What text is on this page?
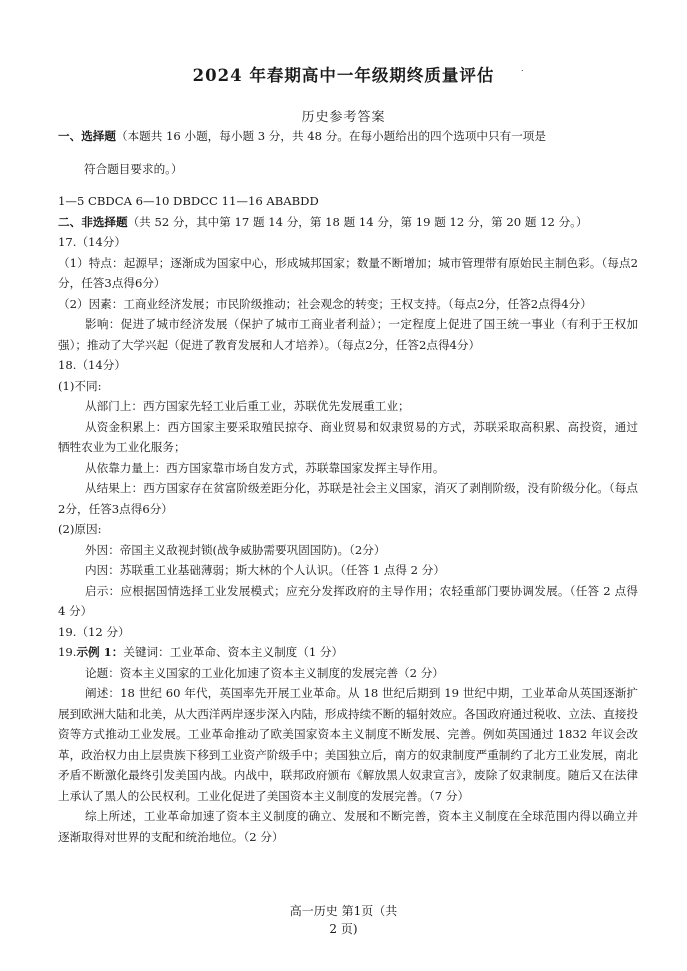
2024 年春期高中一年级期终质量评估	.
历史参考答案

一、选择题（本题共 16 小题，每小题 3 分，共 48 分。在每小题给出的四个选项中只有一项是

符合题目要求的。）

1—5 CBDCA 6—10 DBDCC 11—16 ABABDD

二、非选择题（共 52 分，其中第 17 题 14 分，第 18 题 14 分，第 19 题 12 分，第 20 题 12 分。）

17.（14分）

（1）特点：起源早；逐渐成为国家中心，形成城邦国家；数量不断增加；城市管理带有原始民主制色彩。（每点2分，任答3点得6分）

（2）因素：工商业经济发展；市民阶级推动；社会观念的转变；王权支持。（每点2分，任答2点得4分）

影响：促进了城市经济发展（保护了城市工商业者利益）；一定程度上促进了国王统一事业（有利于王权加强）；推动了大学兴起（促进了教育发展和人才培养）。（每点2分，任答2点得4分）

18.（14分）

(1)不同:

从部门上：西方国家先轻工业后重工业，苏联优先发展重工业；

从资金积累上：西方国家主要采取殖民掠夺、商业贸易和奴隶贸易的方式，苏联采取高积累、高投资，通过牺牲农业为工业化服务；

从依靠力量上：西方国家靠市场自发方式，苏联靠国家发挥主导作用。

从结果上：西方国家存在贫富阶级差距分化，苏联是社会主义国家，消灭了剥削阶级，没有阶级分化。（每点2分，任答3点得6分）

(2)原因:

外因：帝国主义敌视封锁(战争威胁需要巩固国防)。（2分）

内因：苏联重工业基础薄弱；斯大林的个人认识。（任答 1 点得 2 分）

启示：应根据国情选择工业发展模式；应充分发挥政府的主导作用；农轻重部门要协调发展。（任答 2 点得 4 分）

19.（12 分）

19.示例 1：关键词：工业革命、资本主义制度（1 分）

论题：资本主义国家的工业化加速了资本主义制度的发展完善（2 分）

阐述：18 世纪 60 年代，英国率先开展工业革命。从 18 世纪后期到 19 世纪中期，工业革命从英国逐渐扩展到欧洲大陆和北美，从大西洋两岸逐步深入内陆，形成持续不断的辐射效应。各国政府通过税收、立法、直接投资等方式推动工业发展。工业革命推动了欧美国家资本主义制度不断发展、完善。例如英国通过 1832 年议会改革，政治权力由上层贵族下移到工业资产阶级手中；美国独立后，南方的奴隶制度严重制约了北方工业发展，南北矛盾不断激化最终引发美国内战。内战中，联邦政府颁布《解放黑人奴隶宣言》，废除了奴隶制度。随后又在法律上承认了黑人的公民权利。工业化促进了美国资本主义制度的发展完善。（7 分）

综上所述，工业革命加速了资本主义制度的确立、发展和不断完善，资本主义制度在全球范围内得以确立并逐渐取得对世界的支配和统治地位。（2 分）

高一历史 第1页（共
2 页)
